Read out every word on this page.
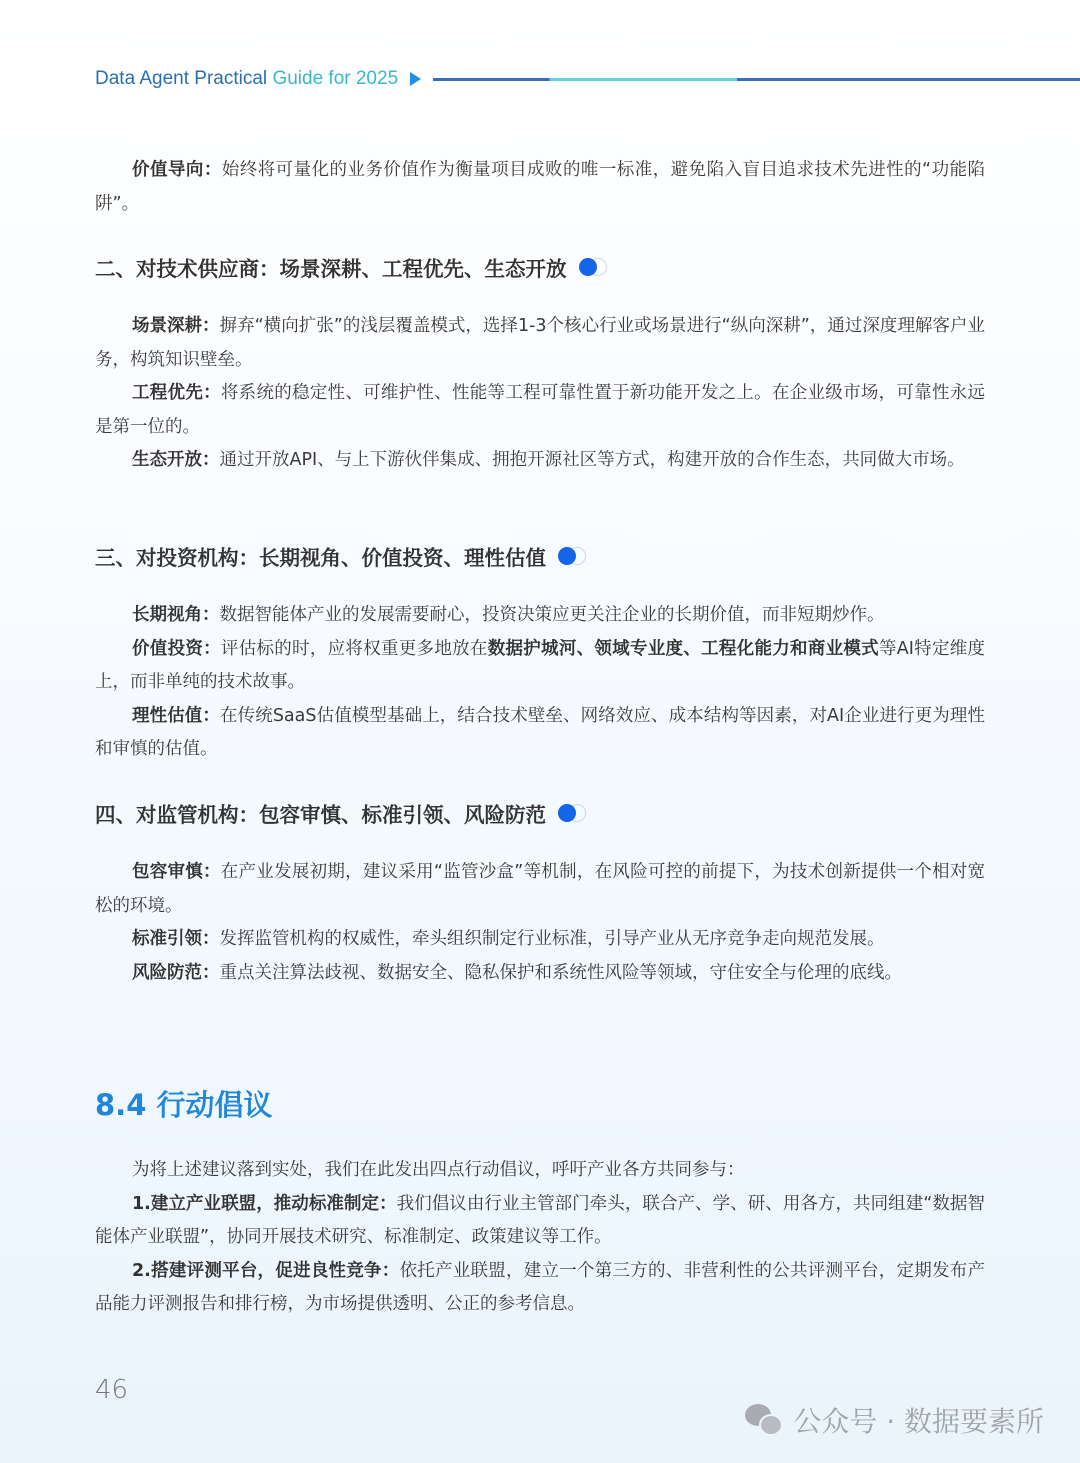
Data Agent Practical Guide for 2025

价值导向：始终将可量化的业务价值作为衡量项目成败的唯一标准，避免陷入盲目追求技术先进性的“功能陷阱”。

二、对技术供应商：场景深耕、工程优先、生态开放

场景深耕：摒弃“横向扩张”的浅层覆盖模式，选择1-3个核心行业或场景进行“纵向深耕”，通过深度理解客户业务，构筑知识壁垒。

工程优先：将系统的稳定性、可维护性、性能等工程可靠性置于新功能开发之上。在企业级市场，可靠性永远是第一位的。

生态开放：通过开放API、与上下游伙伴集成、拥抱开源社区等方式，构建开放的合作生态，共同做大市场。

三、对投资机构：长期视角、价值投资、理性估值

长期视角：数据智能体产业的发展需要耐心，投资决策应更关注企业的长期价值，而非短期炒作。

价值投资：评估标的时，应将权重更多地放在数据护城河、领域专业度、工程化能力和商业模式等AI特定维度上，而非单纯的技术故事。

理性估值：在传统SaaS估值模型基础上，结合技术壁垒、网络效应、成本结构等因素，对AI企业进行更为理性和审慎的估值。

四、对监管机构：包容审慎、标准引领、风险防范

包容审慎：在产业发展初期，建议采用“监管沙盒”等机制，在风险可控的前提下，为技术创新提供一个相对宽松的环境。

标准引领：发挥监管机构的权威性，牵头组织制定行业标准，引导产业从无序竞争走向规范发展。

风险防范：重点关注算法歧视、数据安全、隐私保护和系统性风险等领域，守住安全与伦理的底线。

8.4 行动倡议

为将上述建议落到实处，我们在此发出四点行动倡议，呼吁产业各方共同参与：

1.建立产业联盟，推动标准制定：我们倡议由行业主管部门牵头，联合产、学、研、用各方，共同组建“数据智能体产业联盟”，协同开展技术研究、标准制定、政策建议等工作。

2.搭建评测平台，促进良性竞争：依托产业联盟，建立一个第三方的、非营利性的公共评测平台，定期发布产品能力评测报告和排行榜，为市场提供透明、公正的参考信息。

46
公众号 · 数据要素所
